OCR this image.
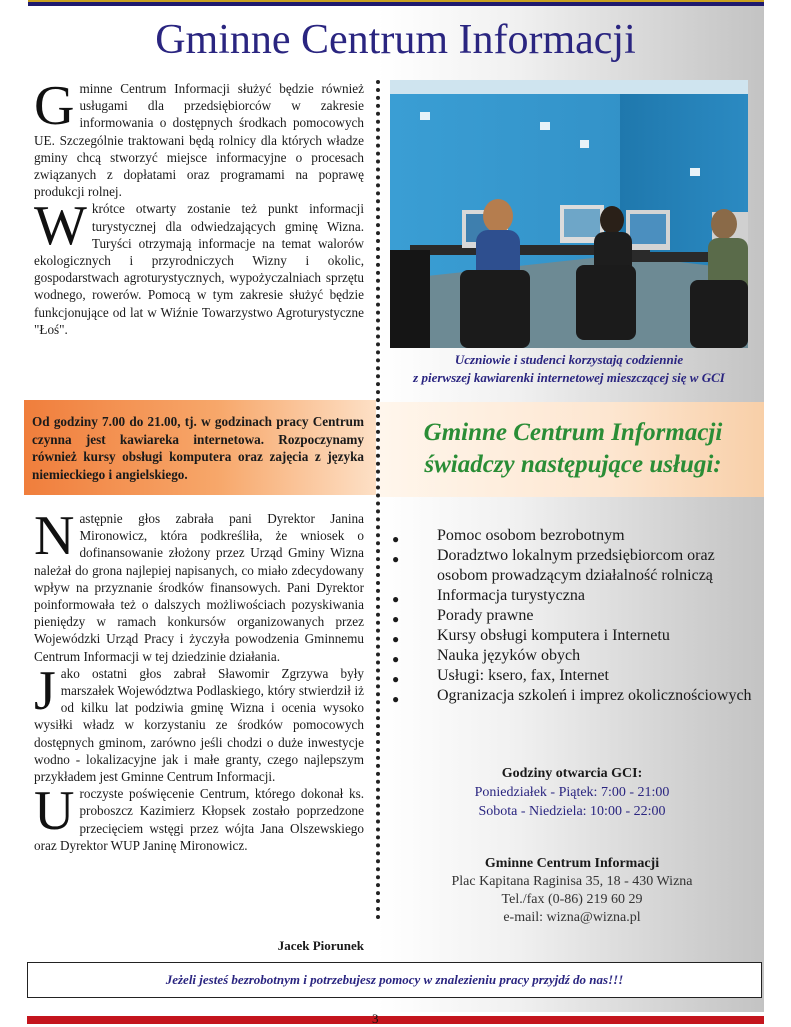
Gminne Centrum Informacji

Gminne Centrum Informacji służyć będzie również usługami dla przedsiębiorców w zakresie informowania o dostępnych środkach pomocowych UE. Szczególnie traktowani będą rolnicy dla których władze gminy chcą stworzyć miejsce informacyjne o procesach związanych z dopłatami oraz programami na poprawę produkcji rolnej.

Wkrótce otwarty zostanie też punkt informacji turystycznej dla odwiedzających gminę Wizna. Turyści otrzymają informacje na temat walorów ekologicznych i przyrodniczych Wizny i okolic, gospodarstwach agroturystycznych, wypożyczalniach sprzętu wodnego, rowerów. Pomocą w tym zakresie służyć będzie funkcjonujące od lat w Wiźnie Towarzystwo Agroturystyczne "Łoś".

Uczniowie i studenci korzystają codziennie
z pierwszej kawiarenki internetowej mieszczącej się w GCI
Od godziny 7.00 do 21.00, tj. w godzinach pracy Centrum czynna jest kawiareka internetowa. Rozpoczynamy również kursy obsługi komputera oraz zajęcia z języka niemieckiego i angielskiego.
Gminne Centrum Informacji
świadczy następujące usługi:
● Pomoc osobom bezrobotnym
● Doradztwo lokalnym przedsiębiorcom oraz osobom prowadzącym działalność rolniczą
● Informacja turystyczna
● Porady prawne
● Kursy obsługi komputera i Internetu
● Nauka języków obych
● Usługi: ksero, fax, Internet
● Ogranizacja szkoleń i imprez okolicznościowych

Następnie głos zabrała pani Dyrektor Janina Mironowicz, która podkreśliła, że wniosek o dofinansowanie złożony przez Urząd Gminy Wizna należał do grona najlepiej napisanych, co miało zdecydowany wpływ na przyznanie środków finansowych. Pani Dyrektor poinformowała też o dalszych możliwościach pozyskiwania pieniędzy w ramach konkursów organizowanych przez Wojewódzki Urząd Pracy i życzyła powodzenia Gminnemu Centrum Informacji w tej dziedzinie działania.

Jako ostatni głos zabrał Sławomir Zgrzywa były marszałek Województwa Podlaskiego, który stwierdził iż od kilku lat podziwia gminę Wizna i ocenia wysoko wysiłki władz w korzystaniu ze środków pomocowych dostępnych gminom, zarówno jeśli chodzi o duże inwestycje wodno - lokalizacyjne jak i małe granty, czego najlepszym przykładem jest Gminne Centrum Informacji.

Uroczyste poświęcenie Centrum, którego dokonał ks. proboszcz Kazimierz Kłopsek zostało poprzedzone przecięciem wstęgi przez wójta Jana Olszewskiego oraz Dyrektor WUP Janinę Mironowicz.

Jacek Piorunek
Godziny otwarcia GCI:
Poniedziałek - Piątek: 7:00 - 21:00
Sobota - Niedziela: 10:00 - 22:00
Gminne Centrum Informacji
Plac Kapitana Raginisa 35, 18 - 430 Wizna
Tel./fax (0-86) 219 60 29
e-mail: wizna@wizna.pl
Jeżeli jesteś bezrobotnym i potrzebujesz pomocy w znalezieniu pracy przyjdź do nas!!!
3
